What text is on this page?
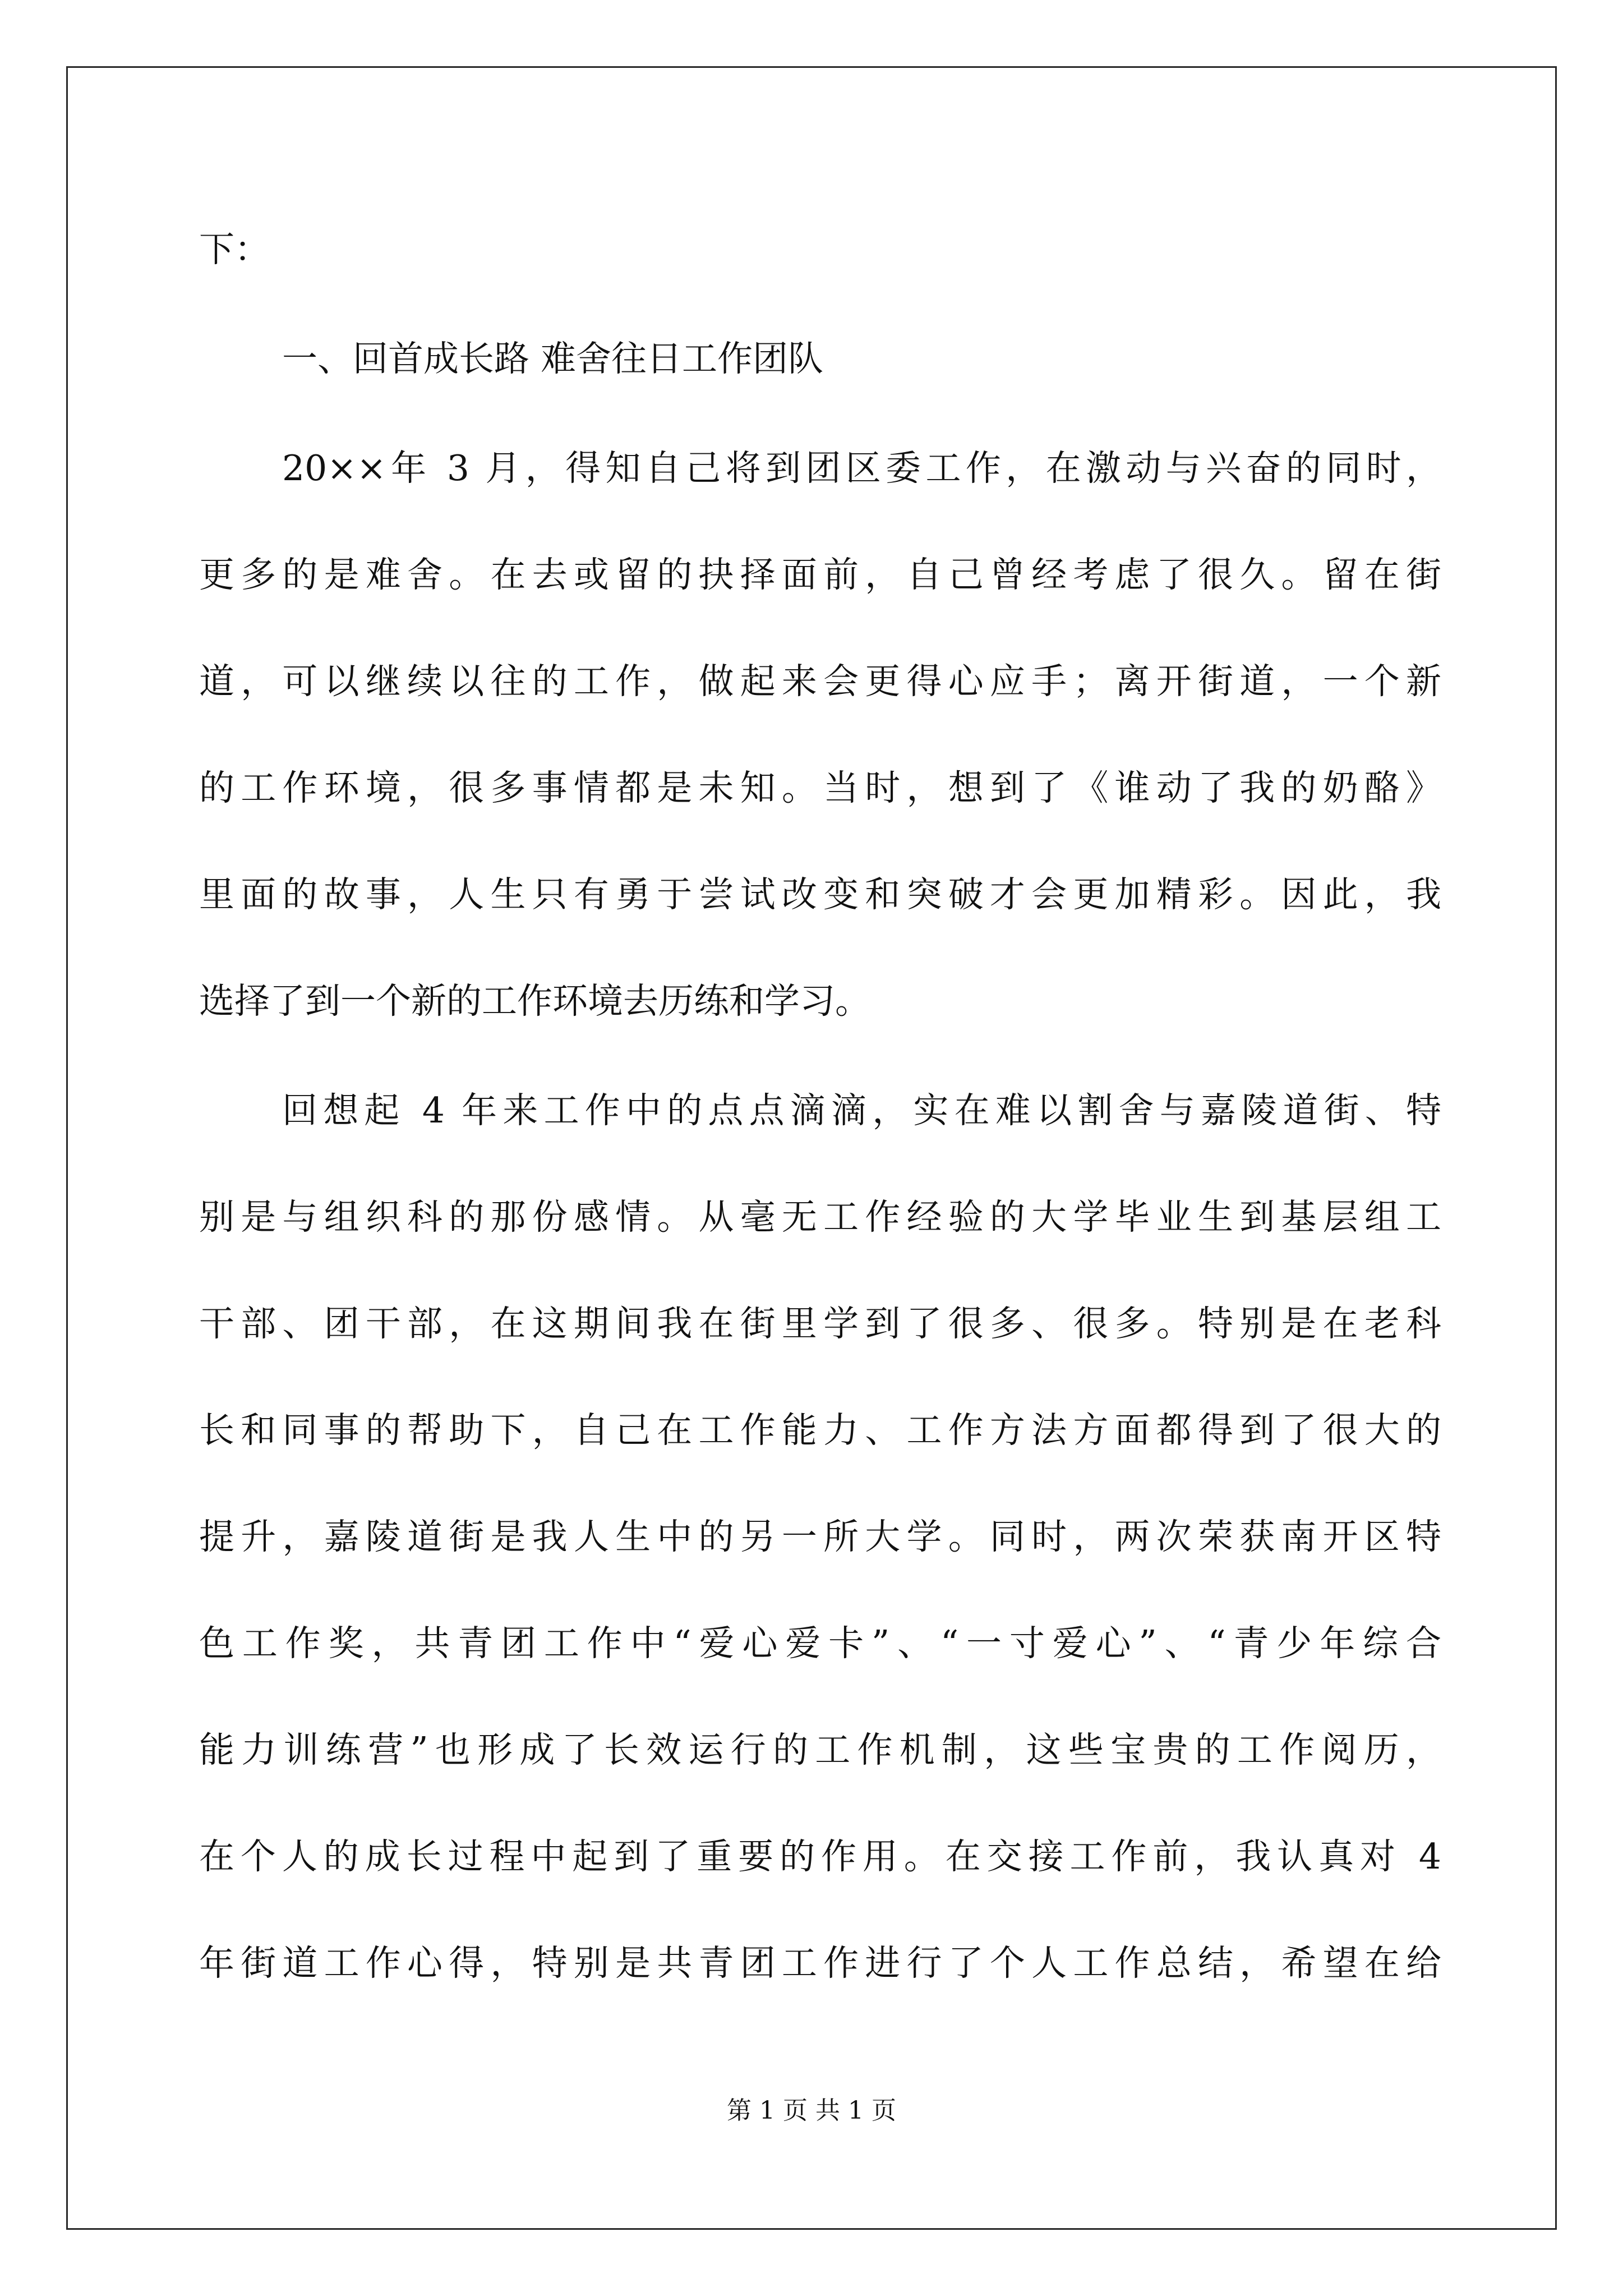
下：
一、回首成长路 难舍往日工作团队
20××年 3 月，得知自己将到团区委工作，在激动与兴奋的同时，
更多的是难舍。在去或留的抉择面前，自己曾经考虑了很久。留在街
道，可以继续以往的工作，做起来会更得心应手；离开街道，一个新
的工作环境，很多事情都是未知。当时，想到了《谁动了我的奶酪》
里面的故事，人生只有勇于尝试改变和突破才会更加精彩。因此，我
选择了到一个新的工作环境去历练和学习。
回想起 4 年来工作中的点点滴滴，实在难以割舍与嘉陵道街、特
别是与组织科的那份感情。从毫无工作经验的大学毕业生到基层组工
干部、团干部，在这期间我在街里学到了很多、很多。特别是在老科
长和同事的帮助下，自己在工作能力、工作方法方面都得到了很大的
提升，嘉陵道街是我人生中的另一所大学。同时，两次荣获南开区特
色工作奖，共青团工作中“爱心爱卡”、“一寸爱心”、“青少年综合
能力训练营”也形成了长效运行的工作机制，这些宝贵的工作阅历，
在个人的成长过程中起到了重要的作用。在交接工作前，我认真对 4
年街道工作心得，特别是共青团工作进行了个人工作总结，希望在给
第 1 页 共 1 页
